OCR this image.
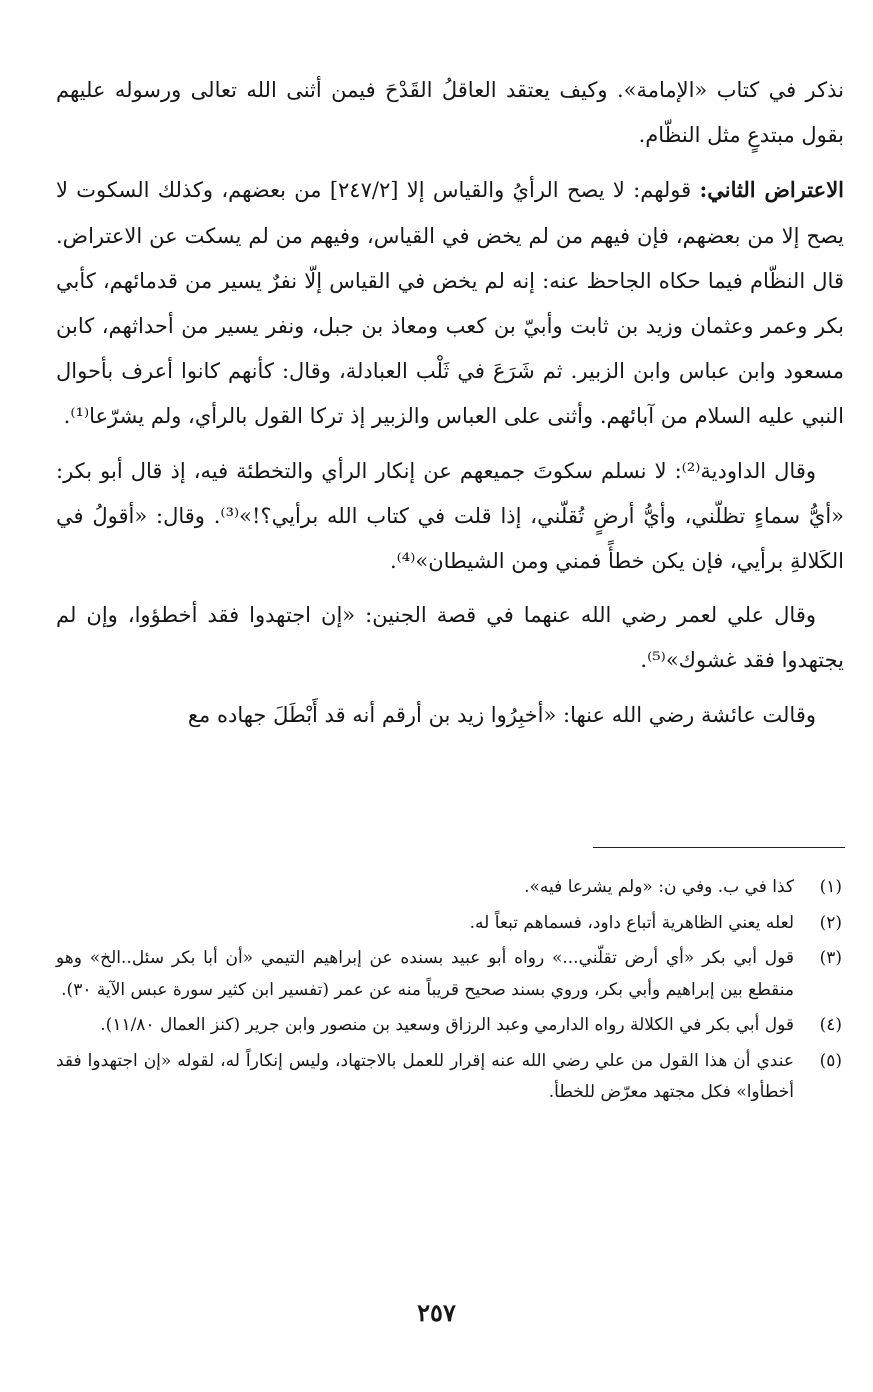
نذكر في كتاب «الإمامة». وكيف يعتقد العاقلُ القَدْحَ فيمن أثنى الله تعالى ورسوله عليهم بقول مبتدعٍ مثل النظّام.

الاعتراض الثاني: قولهم: لا يصح الرأيُ والقياس إلا [٢٤٧/٢] من بعضهم، وكذلك السكوت لا يصح إلا من بعضهم، فإن فيهم من لم يخض في القياس، وفيهم من لم يسكت عن الاعتراض. قال النظّام فيما حكاه الجاحظ عنه: إنه لم يخض في القياس إلّا نفرٌ يسير من قدمائهم، كأبي بكر وعمر وعثمان وزيد بن ثابت وأبيّ بن كعب ومعاذ بن جبل، ونفر يسير من أحداثهم، كابن مسعود وابن عباس وابن الزبير. ثم شَرَعَ في ثَلْب العبادلة، وقال: كأنهم كانوا أعرف بأحوال النبي عليه السلام من آبائهم. وأثنى على العباس والزبير إذ تركا القول بالرأي، ولم يشرّعا⁽¹⁾.

وقال الداودية⁽²⁾: لا نسلم سكوتَ جميعهم عن إنكار الرأي والتخطئة فيه، إذ قال أبو بكر: «أيُّ سماءٍ تظلّني، وأيُّ أرضٍ تُقلّني، إذا قلت في كتاب الله برأيي؟!»⁽³⁾. وقال: «أقولُ في الكَلالةِ برأيي، فإن يكن خطأً فمني ومن الشيطان»⁽⁴⁾.

وقال علي لعمر رضي الله عنهما في قصة الجنين: «إن اجتهدوا فقد أخطؤوا، وإن لم يجتهدوا فقد غشوك»⁽⁵⁾.

وقالت عائشة رضي الله عنها: «أخبِرُوا زيد بن أرقم أنه قد أَبْطَلَ جهاده مع

(١)
كذا في ب. وفي ن: «ولم يشرعا فيه».
(٢)
لعله يعني الظاهرية أتباع داود، فسماهم تبعاً له.
(٣)
قول أبي بكر «أي أرض تقلّني...» رواه أبو عبيد بسنده عن إبراهيم التيمي «أن أبا بكر سئل..الخ» وهو منقطع بين إبراهيم وأبي بكر، وروي بسند صحيح قريباً منه عن عمر (تفسير ابن كثير سورة عبس الآية ٣٠).
(٤)
قول أبي بكر في الكلالة رواه الدارمي وعبد الرزاق وسعيد بن منصور وابن جرير (كنز العمال ١١/٨٠).
(٥)
عندي أن هذا القول من علي رضي الله عنه إقرار للعمل بالاجتهاد، وليس إنكاراً له، لقوله «إن اجتهدوا فقد أخطأوا» فكل مجتهد معرّض للخطأ.
٢٥٧
